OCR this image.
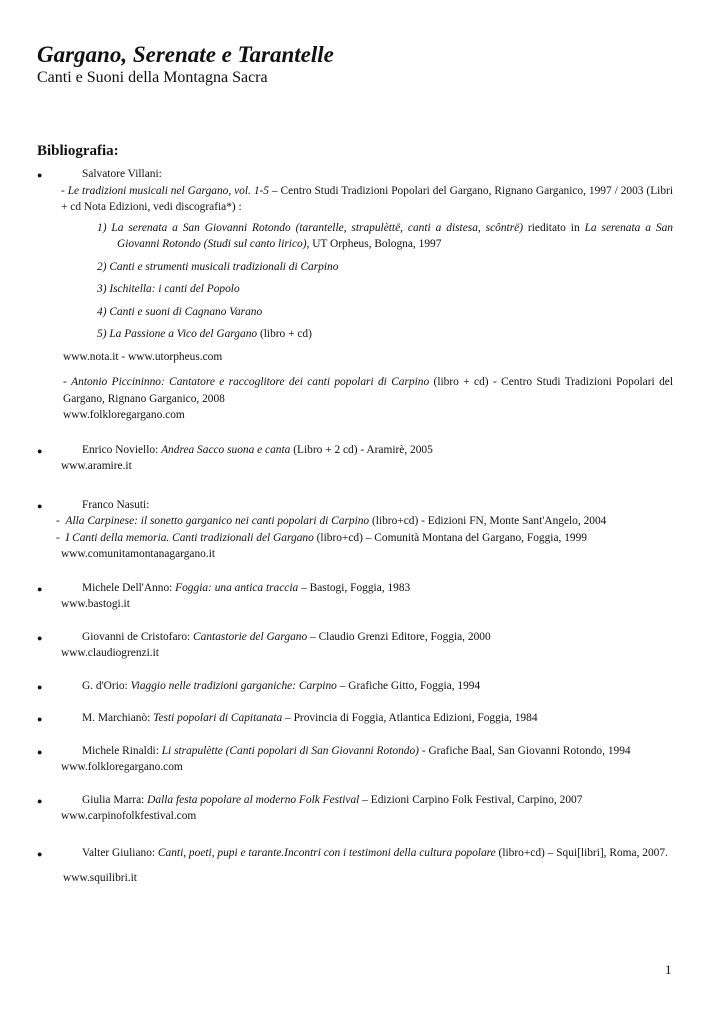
Gargano, Serenate e Tarantelle
Canti e Suoni della Montagna Sacra
Bibliografia:
●	Salvatore Villani:
- Le tradizioni musicali nel Gargano, vol. 1-5 – Centro Studi Tradizioni Popolari del Gargano, Rignano Garganico, 1997 / 2003 (Libri + cd Nota Edizioni, vedi discografia*) :
1) La serenata a San Giovanni Rotondo (tarantelle, strapulèttë, canti a distesa, scôntrë) rieditato in La serenata a San Giovanni Rotondo (Studi sul canto lirico), UT Orpheus, Bologna, 1997
2) Canti e strumenti musicali tradizionali di Carpino
3) Ischitella: i canti del Popolo
4) Canti e suoni di Cagnano Varano
5) La Passione a Vico del Gargano (libro + cd)
www.nota.it - www.utorpheus.com
- Antonio Piccininno: Cantatore e raccoglitore dei canti popolari di Carpino (libro + cd) - Centro Studi Tradizioni Popolari del Gargano, Rignano Garganico, 2008
www.folkloregargano.com
●	Enrico Noviello: Andrea Sacco suona e canta (Libro + 2 cd) - Aramirè, 2005
www.aramire.it
●	Franco Nasuti:
-  Alla Carpinese: il sonetto garganico nei canti popolari di Carpino (libro+cd) - Edizioni FN, Monte Sant'Angelo, 2004
-  I Canti della memoria. Canti tradizionali del Gargano (libro+cd) – Comunità Montana del Gargano, Foggia, 1999
www.comunitamontanagargano.it
●	Michele Dell'Anno: Foggia: una antica traccia – Bastogi, Foggia, 1983
www.bastogi.it
●	Giovanni de Cristofaro: Cantastorie del Gargano – Claudio Grenzi Editore, Foggia, 2000
www.claudiogrenzi.it
●	G. d'Orio: Viaggio nelle tradizioni garganiche: Carpino – Grafiche Gitto, Foggia, 1994
●	M. Marchianò: Testi popolari di Capitanata – Provincia di Foggia, Atlantica Edizioni, Foggia, 1984
●	Michele Rinaldi: Li strapulètte (Canti popolari di San Giovanni Rotondo) - Grafiche Baal, San Giovanni Rotondo, 1994
www.folkloregargano.com
●	Giulia Marra: Dalla festa popolare al moderno Folk Festival – Edizioni Carpino Folk Festival, Carpino, 2007
www.carpinofolkfestival.com
●	Valter Giuliano: Canti, poeti, pupi e tarante.Incontri con i testimoni della cultura popolare (libro+cd) – Squi[libri], Roma, 2007.
www.squilibri.it
1
